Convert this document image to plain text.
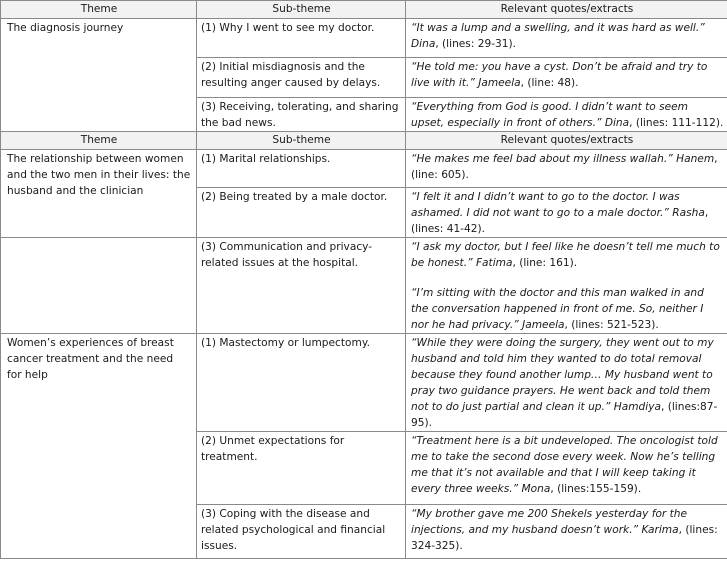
Theme	Sub-theme	Relevant quotes/extracts
The diagnosis journey	(1) Why I went to see my doctor.	“It was a lump and a swelling, and it was hard as well.” Dina, (lines: 29-31).

	(2) Initial misdiagnosis and the resulting anger caused by delays.	“He told me: you have a cyst. Don’t be afraid and try to live with it.” Jameela, (line: 48).

	(3) Receiving, tolerating, and sharing the bad news.	“Everything from God is good. I didn’t want to seem upset, especially in front of others.” Dina, (lines: 111-112).

Theme	Sub-theme	Relevant quotes/extracts
The relationship between women and the two men in their lives: the husband and the clinician	(1) Marital relationships.	“He makes me feel bad about my illness wallah.” Hanem, (line: 605).

	(2) Being treated by a male doctor.	“I felt it and I didn’t want to go to the doctor. I was ashamed. I did not want to go to a male doctor.” Rasha, (lines: 41-42).

	(3) Communication and privacy-related issues at the hospital.	“I ask my doctor, but I feel like he doesn’t tell me much to be honest.” Fatima, (line: 161).

“I’m sitting with the doctor and this man walked in and the conversation happened in front of me. So, neither I nor he had privacy.” Jameela, (lines: 521-523).

Women’s experiences of breast cancer treatment and the need for help	(1) Mastectomy or lumpectomy.	“While they were doing the surgery, they went out to my husband and told him they wanted to do total removal because they found another lump… My husband went to pray two guidance prayers. He went back and told them not to do just partial and clean it up.” Hamdiya, (lines:87-95).

	(2) Unmet expectations for treatment.	“Treatment here is a bit undeveloped. The oncologist told me to take the second dose every week. Now he’s telling me that it’s not available and that I will keep taking it every three weeks.” Mona, (lines:155-159).

	(3) Coping with the disease and related psychological and financial issues.	“My brother gave me 200 Shekels yesterday for the injections, and my husband doesn’t work.” Karima, (lines: 324-325).
